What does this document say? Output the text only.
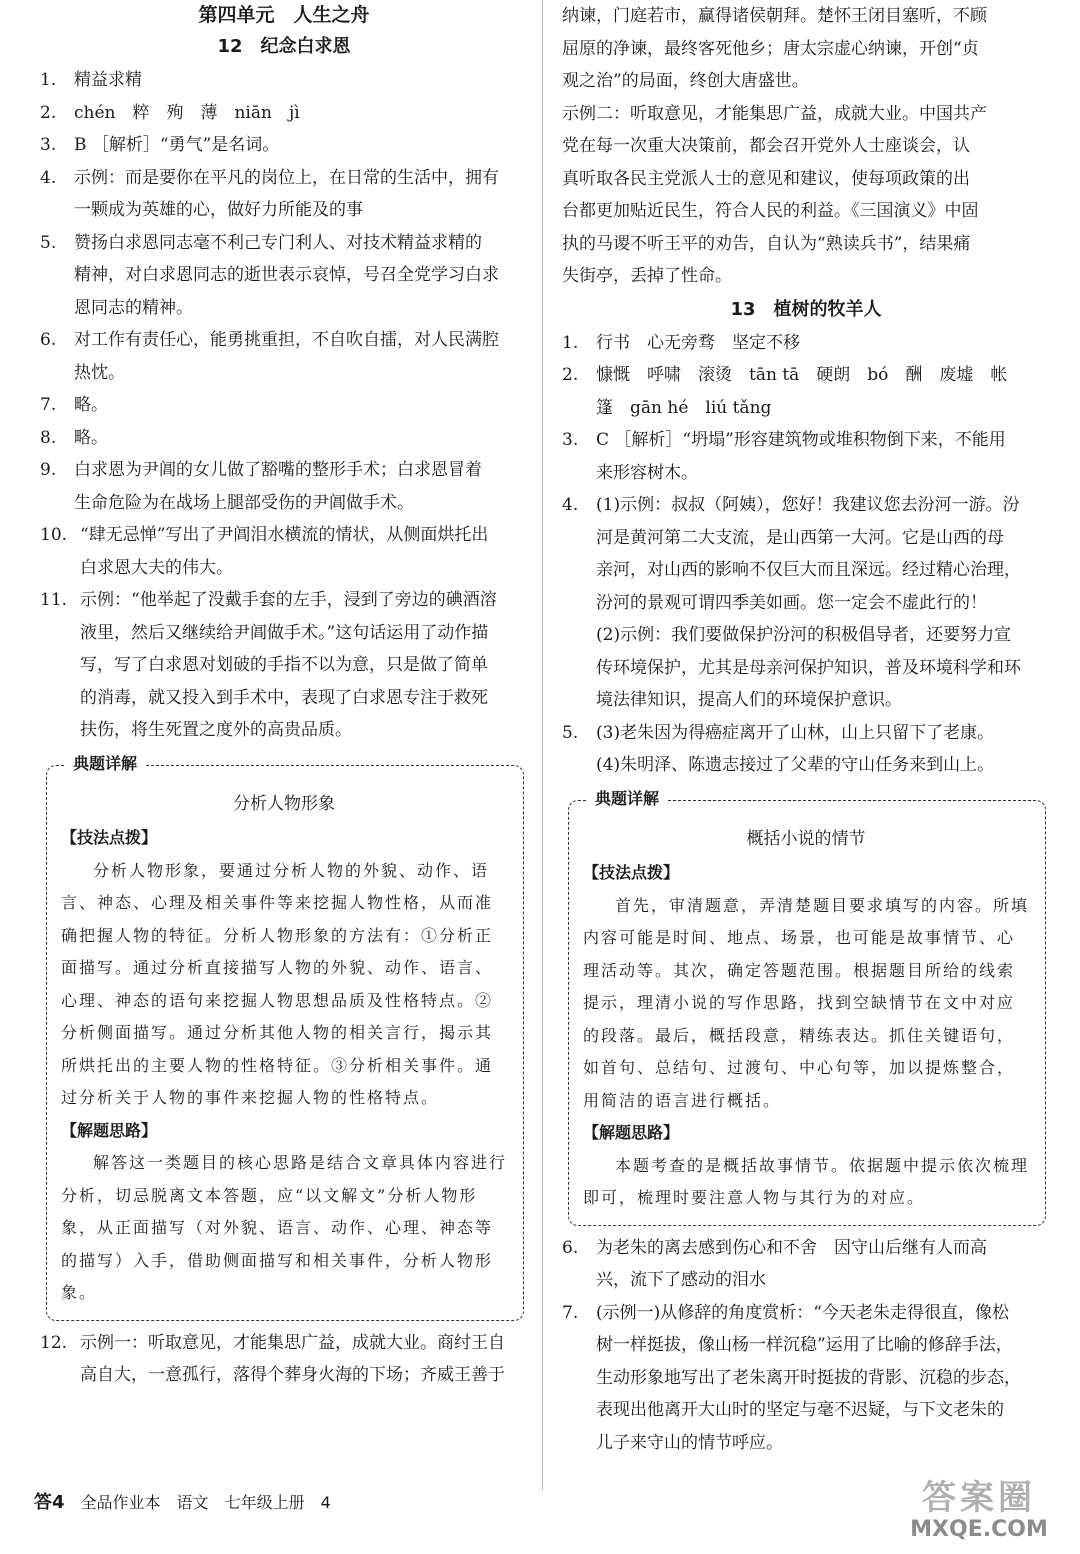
第四单元　人生之舟
12　纪念白求恩
1.	精益求精
2.	chén　粹　殉　薄　niān　jì
3.	B ［解析］“勇气”是名词。
4.	示例：而是要你在平凡的岗位上，在日常的生活中，拥有
一颗成为英雄的心，做好力所能及的事
5.	赞扬白求恩同志毫不利己专门利人、对技术精益求精的
精神，对白求恩同志的逝世表示哀悼，号召全党学习白求
恩同志的精神。
6.	对工作有责任心，能勇挑重担，不自吹自擂，对人民满腔
热忱。
7.	略。
8.	略。
9.	白求恩为尹阊的女儿做了豁嘴的整形手术；白求恩冒着
生命危险为在战场上腿部受伤的尹阊做手术。
10. “肆无忌惮”写出了尹阊泪水横流的情状，从侧面烘托出
白求恩大夫的伟大。
11. 示例：“他举起了没戴手套的左手，浸到了旁边的碘酒溶
液里，然后又继续给尹阊做手术。”这句话运用了动作描
写，写了白求恩对划破的手指不以为意，只是做了简单
的消毒，就又投入到手术中，表现了白求恩专注于救死
扶伤，将生死置之度外的高贵品质。
典题详解
分析人物形象
【技法点拨】
分析人物形象，要通过分析人物的外貌、动作、语言、神态、心理及相关事件等来挖掘人物性格，从而准确把握人物的特征。分析人物形象的方法有：①分析正面描写。通过分析直接描写人物的外貌、动作、语言、心理、神态的语句来挖掘人物思想品质及性格特点。②分析侧面描写。通过分析其他人物的相关言行，揭示其所烘托出的主要人物的性格特征。③分析相关事件。通过分析关于人物的事件来挖掘人物的性格特点。
【解题思路】
解答这一类题目的核心思路是结合文章具体内容进行分析，切忌脱离文本答题，应“以文解文”分析人物形象，从正面描写（对外貌、语言、动作、心理、神态等的描写）入手，借助侧面描写和相关事件，分析人物形象。
12. 示例一：听取意见，才能集思广益，成就大业。商纣王自
高自大，一意孤行，落得个葬身火海的下场；齐威王善于
纳谏，门庭若市，赢得诸侯朝拜。楚怀王闭目塞听，不顾
屈原的净谏，最终客死他乡；唐太宗虚心纳谏，开创“贞
观之治”的局面，终创大唐盛世。
示例二：听取意见，才能集思广益，成就大业。中国共产
党在每一次重大决策前，都会召开党外人士座谈会，认
真听取各民主党派人士的意见和建议，使每项政策的出
台都更加贴近民生，符合人民的利益。《三国演义》中固
执的马谡不听王平的劝告，自认为“熟读兵书”，结果痛
失街亭，丢掉了性命。
13　植树的牧羊人
1.	行书　心无旁骛　坚定不移
2.	慷慨　呼啸　滚烫　tān tā　硬朗　bó　酬　废墟　帐
篷　gān hé　liú tǎng
3.	C ［解析］“坍塌”形容建筑物或堆积物倒下来，不能用
来形容树木。
4.	(1)示例：叔叔（阿姨），您好！我建议您去汾河一游。汾
河是黄河第二大支流，是山西第一大河。它是山西的母
亲河，对山西的影响不仅巨大而且深远。经过精心治理，
汾河的景观可谓四季美如画。您一定会不虚此行的！
(2)示例：我们要做保护汾河的积极倡导者，还要努力宣
传环境保护，尤其是母亲河保护知识，普及环境科学和环
境法律知识，提高人们的环境保护意识。
5.	(3)老朱因为得癌症离开了山林，山上只留下了老康。
(4)朱明泽、陈遗志接过了父辈的守山任务来到山上。
典题详解
概括小说的情节
【技法点拨】
首先，审清题意，弄清楚题目要求填写的内容。所填内容可能是时间、地点、场景，也可能是故事情节、心理活动等。其次，确定答题范围。根据题目所给的线索提示，理清小说的写作思路，找到空缺情节在文中对应的段落。最后，概括段意，精练表达。抓住关键语句，如首句、总结句、过渡句、中心句等，加以提炼整合，用简洁的语言进行概括。
【解题思路】
本题考查的是概括故事情节。依据题中提示依次梳理即可，梳理时要注意人物与其行为的对应。
6.	为老朱的离去感到伤心和不舍　因守山后继有人而高
兴，流下了感动的泪水
7.	(示例一)从修辞的角度赏析：“今天老朱走得很直，像松
树一样挺拔，像山杨一样沉稳”运用了比喻的修辞手法，
生动形象地写出了老朱离开时挺拔的背影、沉稳的步态，
表现出他离开大山时的坚定与毫不迟疑，与下文老朱的
儿子来守山的情节呼应。
答4 全品作业本 语文 七年级上册 4	答案圈
MXQE.COM
